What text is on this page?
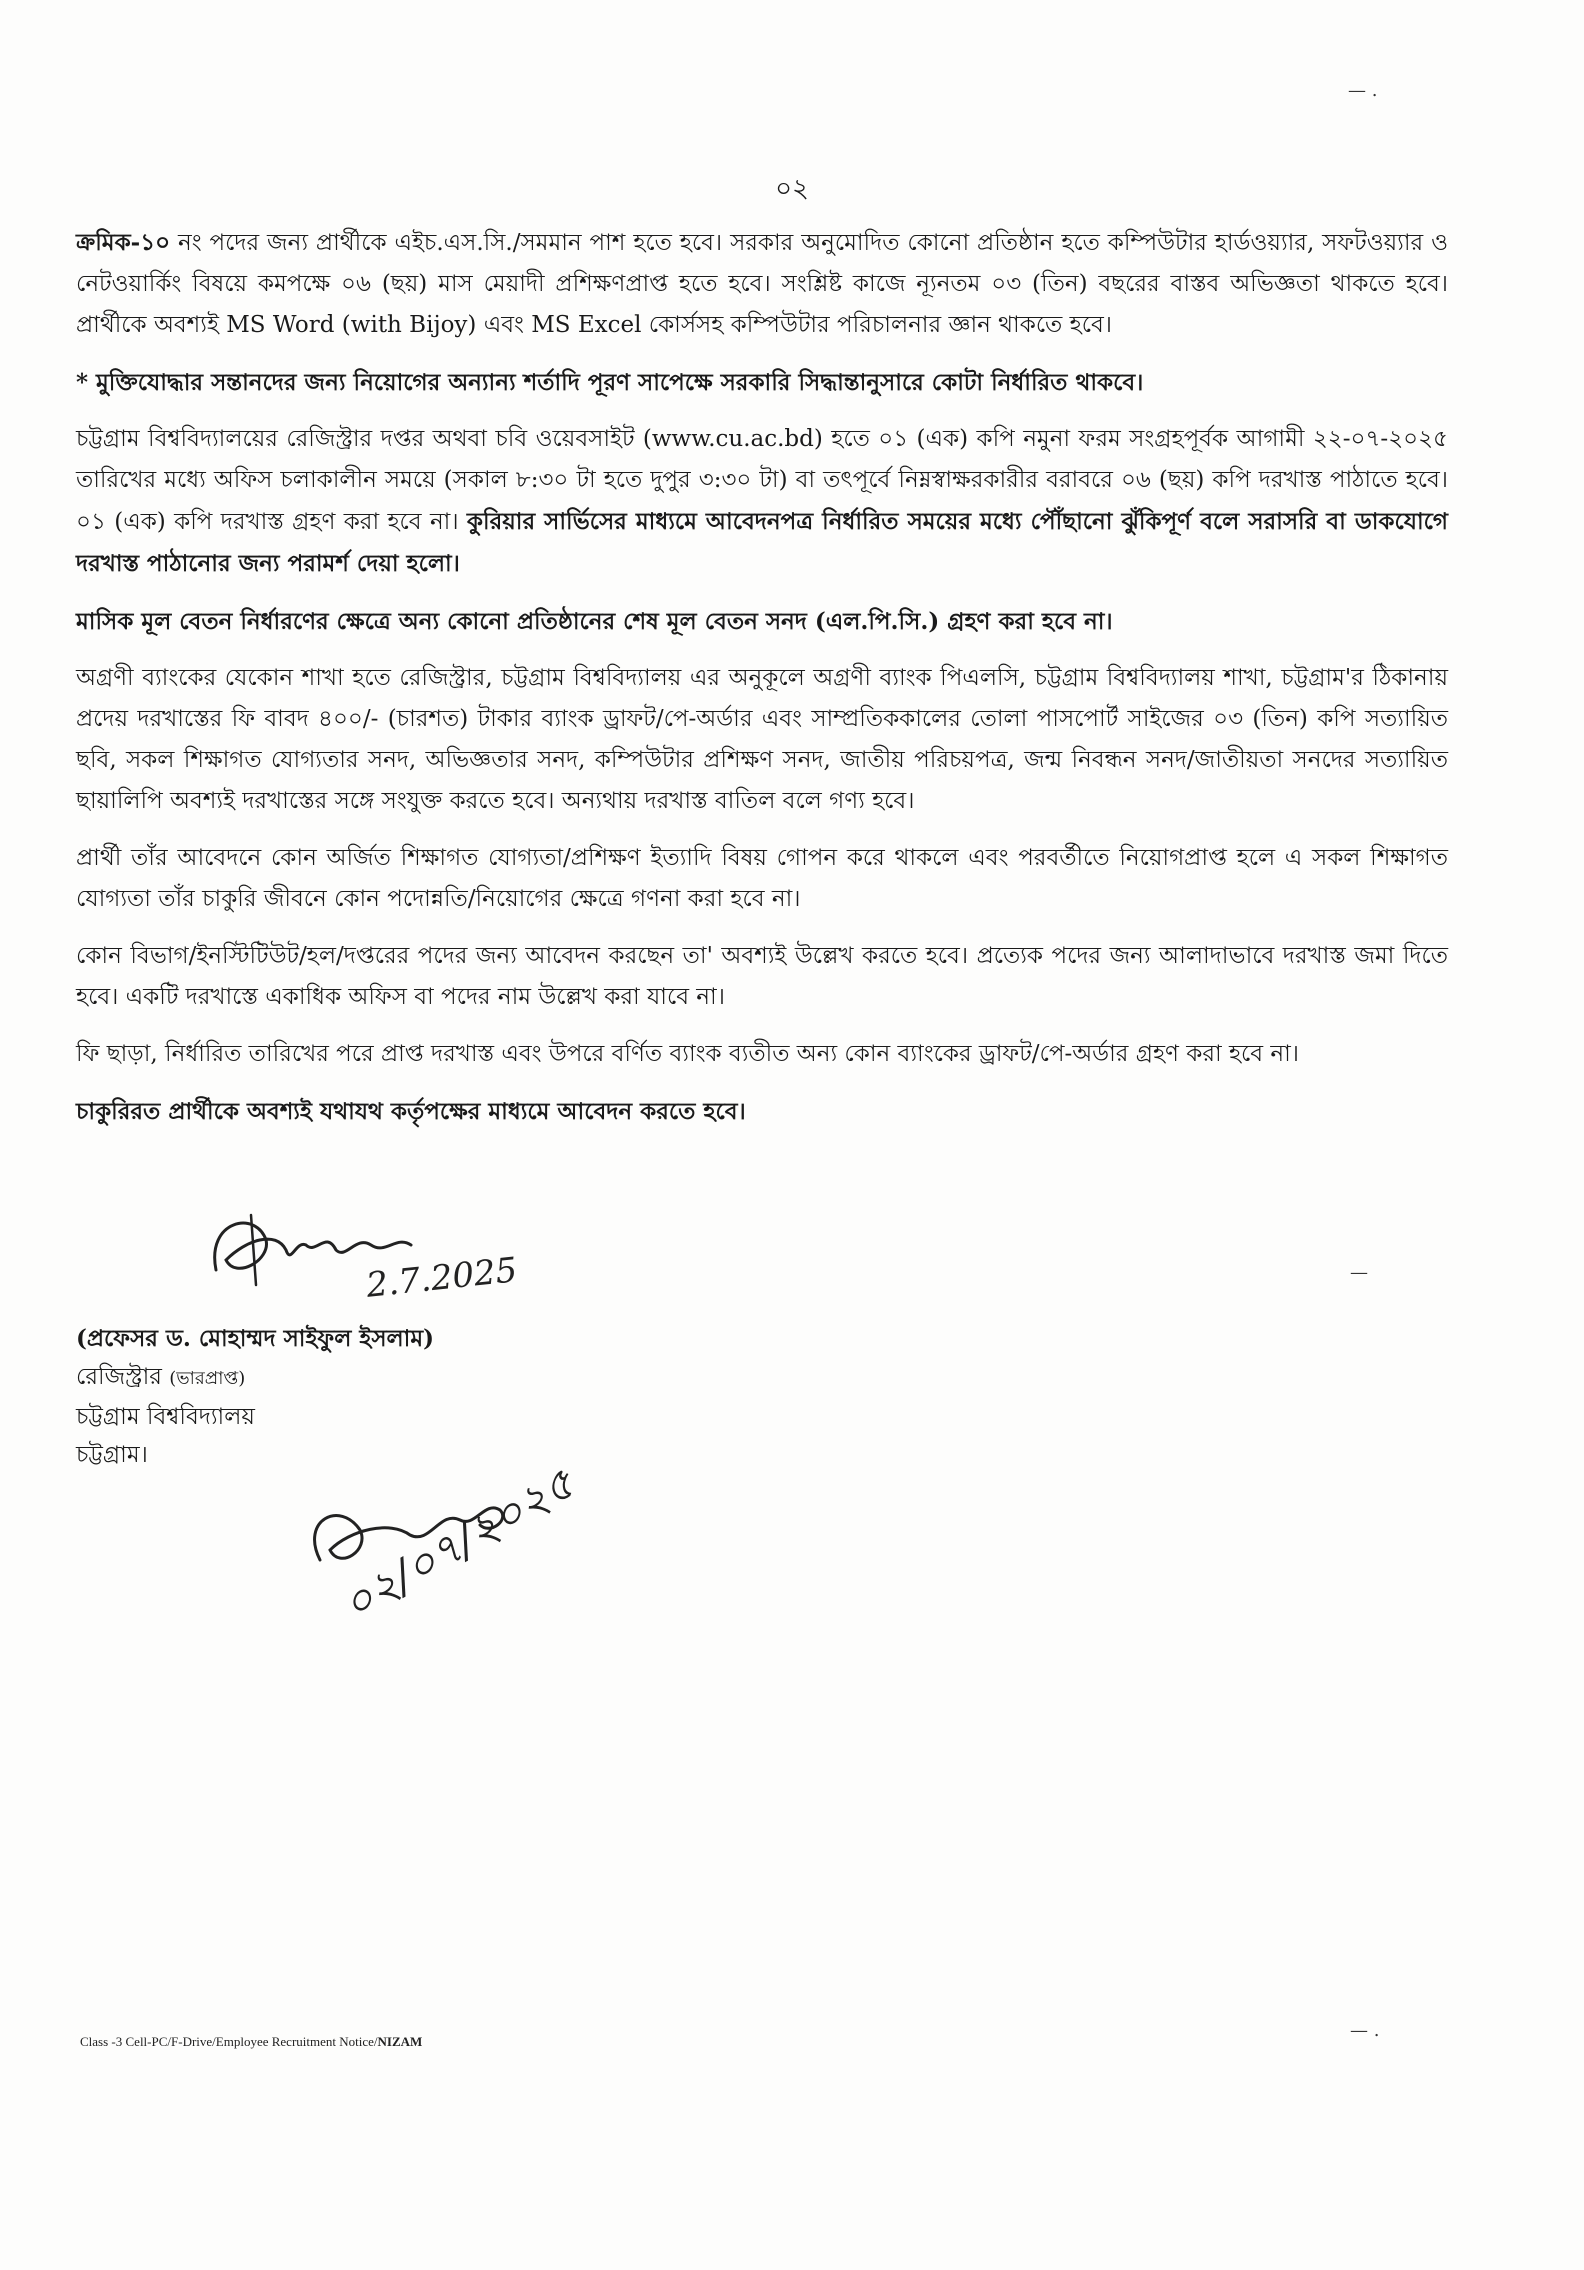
— .
০২

ক্রমিক-১০ নং পদের জন্য প্রার্থীকে এইচ.এস.সি./সমমান পাশ হতে হবে। সরকার অনুমোদিত কোনো প্রতিষ্ঠান হতে কম্পিউটার হার্ডওয়্যার, সফটওয়্যার ও নেটওয়ার্কিং বিষয়ে কমপক্ষে ০৬ (ছয়) মাস মেয়াদী প্রশিক্ষণপ্রাপ্ত হতে হবে। সংশ্লিষ্ট কাজে ন্যূনতম ০৩ (তিন) বছরের বাস্তব অভিজ্ঞতা থাকতে হবে। প্রার্থীকে অবশ্যই MS Word (with Bijoy) এবং MS Excel কোর্সসহ কম্পিউটার পরিচালনার জ্ঞান থাকতে হবে।

* মুক্তিযোদ্ধার সন্তানদের জন্য নিয়োগের অন্যান্য শর্তাদি পূরণ সাপেক্ষে সরকারি সিদ্ধান্তানুসারে কোটা নির্ধারিত থাকবে।

চট্টগ্রাম বিশ্ববিদ্যালয়ের রেজিস্ট্রার দপ্তর অথবা চবি ওয়েবসাইট (www.cu.ac.bd) হতে ০১ (এক) কপি নমুনা ফরম সংগ্রহপূর্বক আগামী ২২-০৭-২০২৫ তারিখের মধ্যে অফিস চলাকালীন সময়ে (সকাল ৮:৩০ টা হতে দুপুর ৩:৩০ টা) বা তৎপূর্বে নিম্নস্বাক্ষরকারীর বরাবরে ০৬ (ছয়) কপি দরখাস্ত পাঠাতে হবে। ০১ (এক) কপি দরখাস্ত গ্রহণ করা হবে না। কুরিয়ার সার্ভিসের মাধ্যমে আবেদনপত্র নির্ধারিত সময়ের মধ্যে পৌঁছানো ঝুঁকিপূর্ণ বলে সরাসরি বা ডাকযোগে দরখাস্ত পাঠানোর জন্য পরামর্শ দেয়া হলো।

মাসিক মূল বেতন নির্ধারণের ক্ষেত্রে অন্য কোনো প্রতিষ্ঠানের শেষ মূল বেতন সনদ (এল.পি.সি.) গ্রহণ করা হবে না।

অগ্রণী ব্যাংকের যেকোন শাখা হতে রেজিস্ট্রার, চট্টগ্রাম বিশ্ববিদ্যালয় এর অনুকূলে অগ্রণী ব্যাংক পিএলসি, চট্টগ্রাম বিশ্ববিদ্যালয় শাখা, চট্টগ্রাম'র ঠিকানায় প্রদেয় দরখাস্তের ফি বাবদ ৪০০/- (চারশত) টাকার ব্যাংক ড্রাফট/পে-অর্ডার এবং সাম্প্রতিককালের তোলা পাসপোর্ট সাইজের ০৩ (তিন) কপি সত্যায়িত ছবি, সকল শিক্ষাগত যোগ্যতার সনদ, অভিজ্ঞতার সনদ, কম্পিউটার প্রশিক্ষণ সনদ, জাতীয় পরিচয়পত্র, জন্ম নিবন্ধন সনদ/জাতীয়তা সনদের সত্যায়িত ছায়ালিপি অবশ্যই দরখাস্তের সঙ্গে সংযুক্ত করতে হবে। অন্যথায় দরখাস্ত বাতিল বলে গণ্য হবে।

প্রার্থী তাঁর আবেদনে কোন অর্জিত শিক্ষাগত যোগ্যতা/প্রশিক্ষণ ইত্যাদি বিষয় গোপন করে থাকলে এবং পরবর্তীতে নিয়োগপ্রাপ্ত হলে এ সকল শিক্ষাগত যোগ্যতা তাঁর চাকুরি জীবনে কোন পদোন্নতি/নিয়োগের ক্ষেত্রে গণনা করা হবে না।

কোন বিভাগ/ইনস্টিটিউট/হল/দপ্তরের পদের জন্য আবেদন করছেন তা' অবশ্যই উল্লেখ করতে হবে। প্রত্যেক পদের জন্য আলাদাভাবে দরখাস্ত জমা দিতে হবে। একটি দরখাস্তে একাধিক অফিস বা পদের নাম উল্লেখ করা যাবে না।

ফি ছাড়া, নির্ধারিত তারিখের পরে প্রাপ্ত দরখাস্ত এবং উপরে বর্ণিত ব্যাংক ব্যতীত অন্য কোন ব্যাংকের ড্রাফট/পে-অর্ডার গ্রহণ করা হবে না।

চাকুরিরত প্রার্থীকে অবশ্যই যথাযথ কর্তৃপক্ষের মাধ্যমে আবেদন করতে হবে।

—
2.7.2025
(প্রফেসর ড. মোহাম্মদ সাইফুল ইসলাম)
রেজিস্ট্রার (ভারপ্রাপ্ত)
চট্টগ্রাম বিশ্ববিদ্যালয়
চট্টগ্রাম।
০২/০৭/২০২৫
Class -3 Cell-PC/F-Drive/Employee Recruitment Notice/NIZAM
— .
